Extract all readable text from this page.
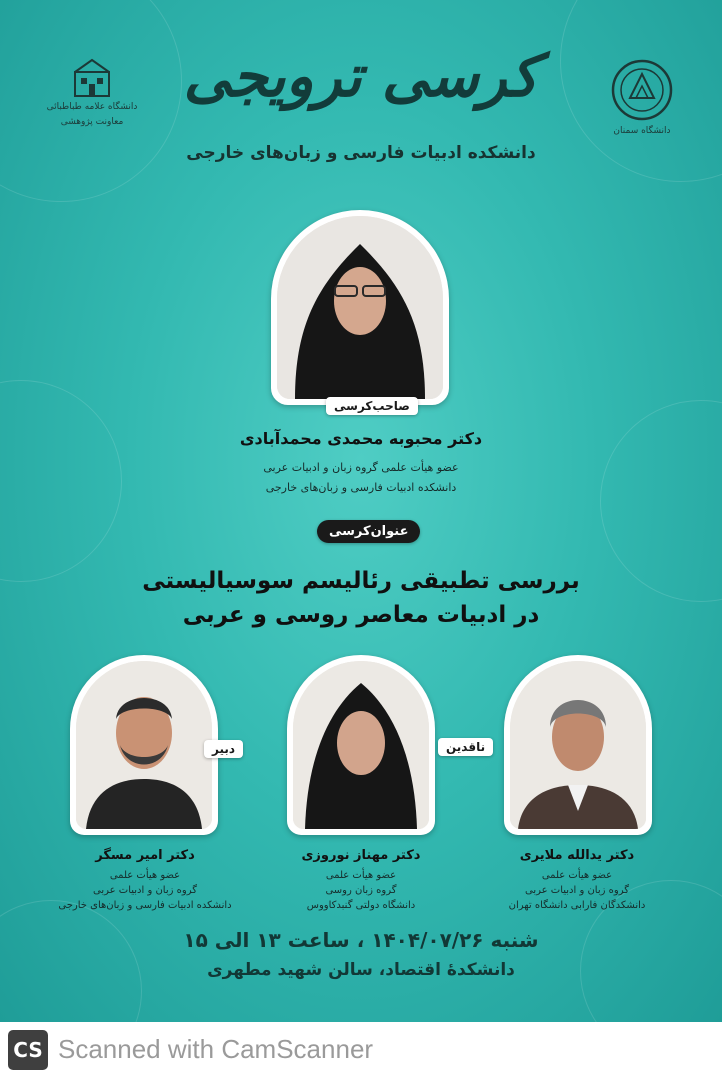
دانشگاه علامه طباطبائی
معاونت پژوهشی
دانشگاه سمنان
کرسی ترویجی
دانشکده ادبیات فارسی و زبان‌های خارجی
صاحب‌کرسی
دکتر محبوبه محمدی محمدآبادی
عضو هیأت علمی گروه زبان و ادبیات عربی
دانشکده ادبیات فارسی و زبان‌های خارجی
عنوان‌کرسی
بررسی تطبیقی رئالیسم سوسیالیستی
در ادبیات معاصر روسی و عربی
دبیر	ناقدین
دکتر امیر مسگر
عضو هیأت علمی
گروه زبان و ادبیات عربی
دانشکده ادبیات فارسی و زبان‌های خارجی
دکتر مهناز نوروزی
عضو هیأت علمی
گروه زبان روسی
دانشگاه دولتی گنبدکاووس
دکتر یدالله ملایری
عضو هیأت علمی
گروه زبان و ادبیات عربی
دانشکدگان فارابی دانشگاه تهران
شنبه ۱۴۰۴/۰۷/۲۶ ، ساعت ۱۳ الی ۱۵
دانشکدهٔ اقتصاد، سالن شهید مطهری
CS Scanned with CamScanner
